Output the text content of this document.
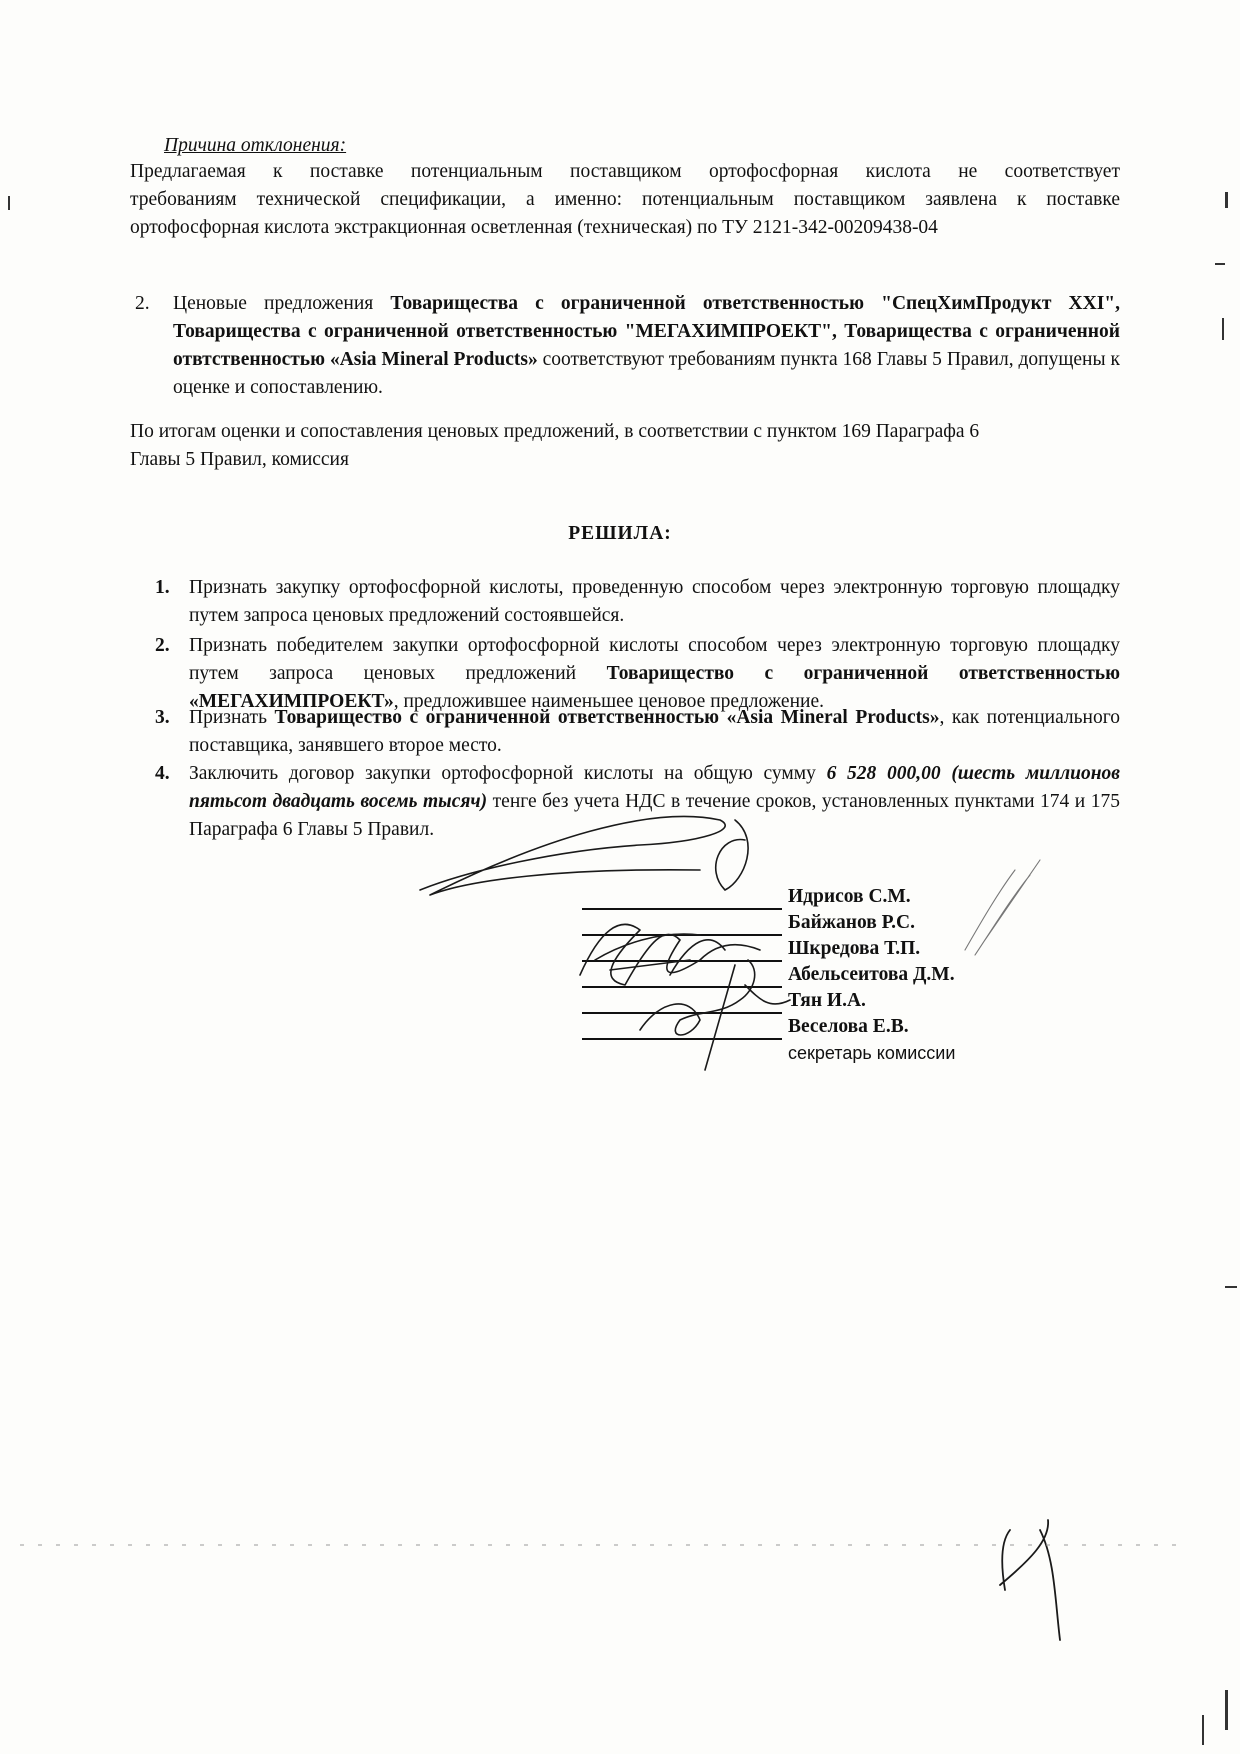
Причина отклонения:
Предлагаемая к поставке потенциальным поставщиком ортофосфорная кислота не соответствует
требованиям технической спецификации, а именно: потенциальным поставщиком заявлена к поставке
ортофосфорная кислота экстракционная осветленная (техническая) по ТУ 2121-342-00209438-04
2. Ценовые предложения Товарищества с ограниченной ответственностью "СпецХимПродукт XXI", Товарищества с ограниченной ответственностью "МЕГАХИМПРОЕКТ", Товарищества с ограниченной отвтственностью «Asia Mineral Products» соответствуют требованиям пункта 168 Главы 5 Правил, допущены к оценке и сопоставлению.
По итогам оценки и сопоставления ценовых предложений, в соответствии с пунктом 169 Параграфа 6
Главы 5 Правил, комиссия
РЕШИЛА:
1. Признать закупку ортофосфорной кислоты, проведенную способом через электронную торговую площадку путем запроса ценовых предложений состоявшейся.
2. Признать победителем закупки ортофосфорной кислоты способом через электронную торговую площадку путем запроса ценовых предложений Товарищество с ограниченной ответственностью «МЕГАХИМПРОЕКТ», предложившее наименьшее ценовое предложение.
3. Признать Товарищество с ограниченной ответственностью «Asia Mineral Products», как потенциального поставщика, занявшего второе место.
4. Заключить договор закупки ортофосфорной кислоты на общую сумму 6 528 000,00 (шесть миллионов пятьсот двадцать восемь тысяч) тенге без учета НДС в течение сроков, установленных пунктами 174 и 175 Параграфа 6 Главы 5 Правил.
Идрисов С.М.
Байжанов Р.С.
Шкредова Т.П.
Абельсеитова Д.М.
Тян И.А.
Веселова Е.В.
секретарь комиссии
